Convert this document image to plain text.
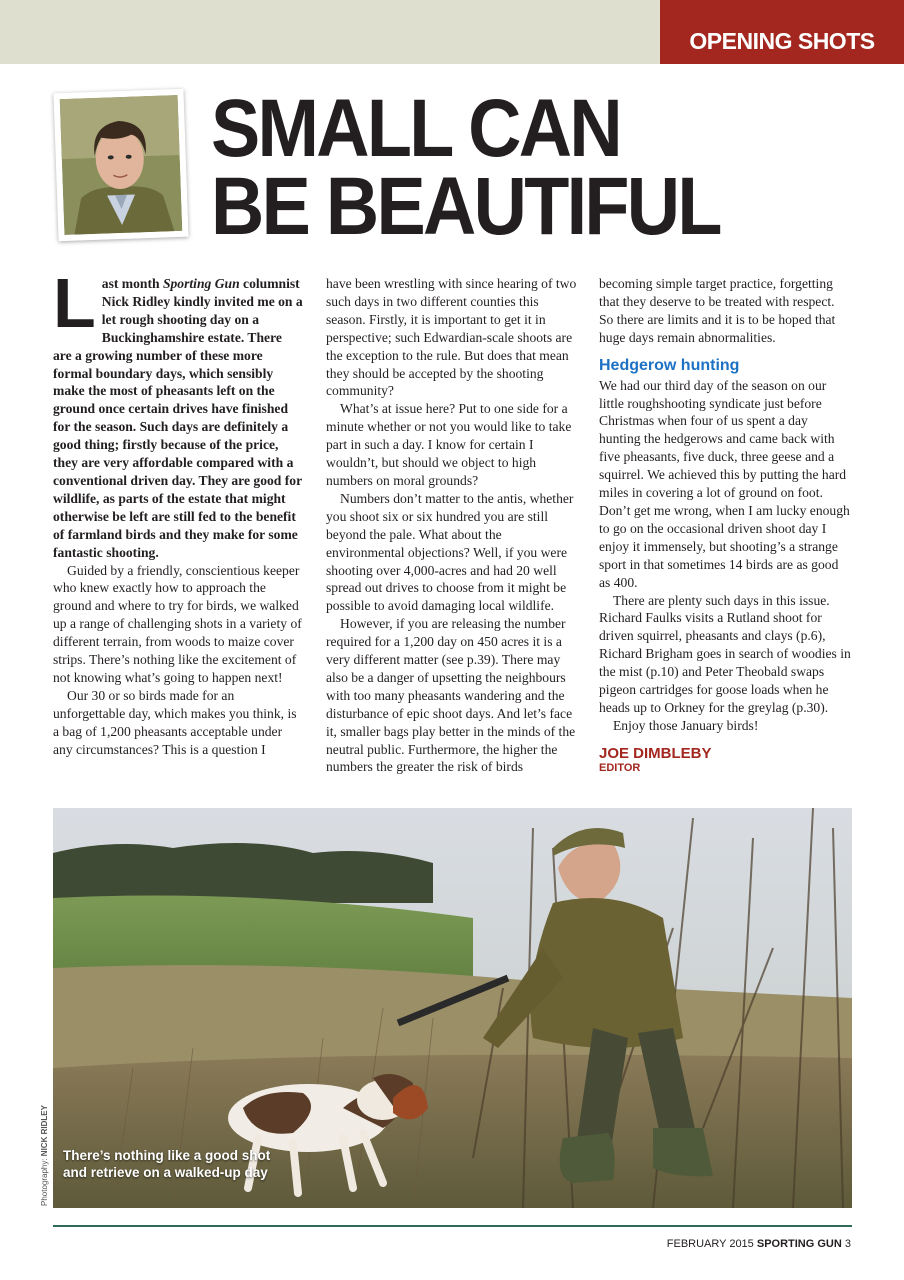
OPENING SHOTS
SMALL CAN
BE BEAUTIFUL

Last month Sporting Gun columnist Nick Ridley kindly invited me on a let rough shooting day on a Buckinghamshire estate. There are a growing number of these more formal boundary days, which sensibly make the most of pheasants left on the ground once certain drives have finished for the season. Such days are definitely a good thing; firstly because of the price, they are very affordable compared with a conventional driven day. They are good for wildlife, as parts of the estate that might otherwise be left are still fed to the benefit of farmland birds and they make for some fantastic shooting.

Guided by a friendly, conscientious keeper who knew exactly how to approach the ground and where to try for birds, we walked up a range of challenging shots in a variety of different terrain, from woods to maize cover strips. There’s nothing like the excitement of not knowing what’s going to happen next!

Our 30 or so birds made for an unforgettable day, which makes you think, is a bag of 1,200 pheasants acceptable under any circumstances? This is a question I

have been wrestling with since hearing of two such days in two different counties this season. Firstly, it is important to get it in perspective; such Edwardian-scale shoots are the exception to the rule. But does that mean they should be accepted by the shooting community?

What’s at issue here? Put to one side for a minute whether or not you would like to take part in such a day. I know for certain I wouldn’t, but should we object to high numbers on moral grounds?

Numbers don’t matter to the antis, whether you shoot six or six hundred you are still beyond the pale. What about the environmental objections? Well, if you were shooting over 4,000-acres and had 20 well spread out drives to choose from it might be possible to avoid damaging local wildlife.

However, if you are releasing the number required for a 1,200 day on 450 acres it is a very different matter (see p.39). There may also be a danger of upsetting the neighbours with too many pheasants wandering and the disturbance of epic shoot days. And let’s face it, smaller bags play better in the minds of the neutral public. Furthermore, the higher the numbers the greater the risk of birds

becoming simple target practice, forgetting that they deserve to be treated with respect. So there are limits and it is to be hoped that huge days remain abnormalities.

Hedgerow hunting

We had our third day of the season on our little roughshooting syndicate just before Christmas when four of us spent a day hunting the hedgerows and came back with five pheasants, five duck, three geese and a squirrel. We achieved this by putting the hard miles in covering a lot of ground on foot. Don’t get me wrong, when I am lucky enough to go on the occasional driven shoot day I enjoy it immensely, but shooting’s a strange sport in that sometimes 14 birds are as good as 400.

There are plenty such days in this issue. Richard Faulks visits a Rutland shoot for driven squirrel, pheasants and clays (p.6), Richard Brigham goes in search of woodies in the mist (p.10) and Peter Theobald swaps pigeon cartridges for goose loads when he heads up to Orkney for the greylag (p.30).

Enjoy those January birds!

JOE DIMBLEBY
EDITOR
There’s nothing like a good shot and retrieve on a walked-up day
Photography: NICK RIDLEY
FEBRUARY 2015 SPORTING GUN 3
